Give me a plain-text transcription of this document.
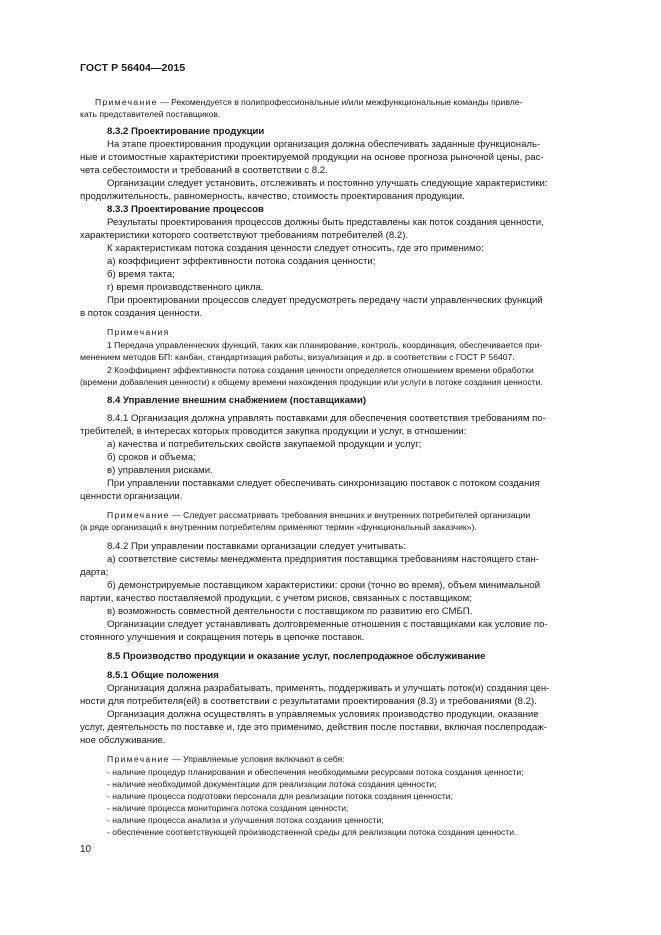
ГОСТ Р 56404—2015
Примечание — Рекомендуется в полипрофессиональные и/или межфункциональные команды привле-
кать представителей поставщиков.
8.3.2 Проектирование продукции
На этапе проектирования продукции организация должна обеспечивать заданные функциональ-
ные и стоимостные характеристики проектируемой продукции на основе прогноза рыночной цены, рас-
чета себестоимости и требований в соответствии с 8.2.
Организации следует установить, отслеживать и постоянно улучшать следующие характеристики:
продолжительность, равномерность, качество, стоимость проектирования продукции.
8.3.3 Проектирование процессов
Результаты проектирования процессов должны быть представлены как поток создания ценности,
характеристики которого соответствуют требованиям потребителей (8.2).
К характеристикам потока создания ценности следует относить, где это применимо:
а) коэффициент эффективности потока создания ценности;
б) время такта;
г) время производственного цикла.
При проектировании процессов следует предусмотреть передачу части управленческих функций
в поток создания ценности.
Примечания
1 Передача управленческих функций, таких как планирование, контроль, координация, обеспечивается при-
менением методов БП: канбан, стандартизация работы, визуализация и др. в соответствии с ГОСТ Р 56407.
2 Коэффициент эффективности потока создания ценности определяется отношением времени обработки
(времени добавления ценности) к общему времени нахождения продукции или услуги в потоке создания ценности.
8.4 Управление внешним снабжением (поставщиками)
8.4.1 Организация должна управлять поставками для обеспечения соответствия требованиям по-
требителей, в интересах которых проводится закупка продукции и услуг, в отношении:
а) качества и потребительских свойств закупаемой продукции и услуг;
б) сроков и объема;
в) управления рисками.
При управлении поставками следует обеспечивать синхронизацию поставок с потоком создания
ценности организации.
Примечание — Следует рассматривать требования внешних и внутренних потребителей организации
(в ряде организаций к внутренним потребителям применяют термин «функциональный заказчик»).
8.4.2 При управлении поставками организации следует учитывать:
а) соответствие системы менеджмента предприятия поставщика требованиям настоящего стан-
дарта;
б) демонстрируемые поставщиком характеристики: сроки (точно во время), объем минимальной
партии, качество поставляемой продукции, с учетом рисков, связанных с поставщиком;
в) возможность совместной деятельности с поставщиком по развитию его СМБП.
Организации следует устанавливать долговременные отношения с поставщиками как условие по-
стоянного улучшения и сокращения потерь в цепочке поставок.
8.5 Производство продукции и оказание услуг, послепродажное обслуживание
8.5.1 Общие положения
Организация должна разрабатывать, применять, поддерживать и улучшать поток(и) создания цен-
ности для потребителя(ей) в соответствии с результатами проектирования (8.3) и требованиями (8.2).
Организация должна осуществлять в управляемых условиях производство продукции, оказание
услуг, деятельность по поставке и, где это применимо, действия после поставки, включая послепродаж-
ное обслуживание.
Примечание — Управляемые условия включают в себя:
- наличие процедур планирования и обеспечения необходимыми ресурсами потока создания ценности;
- наличие необходимой документации для реализации потока создания ценности;
- наличие процесса подготовки персонала для реализации потока создания ценности;
- наличие процесса мониторинга потока создания ценности;
- наличие процесса анализа и улучшения потока создания ценности;
- обеспечение соответствующей производственной среды для реализации потока создания ценности.
10
